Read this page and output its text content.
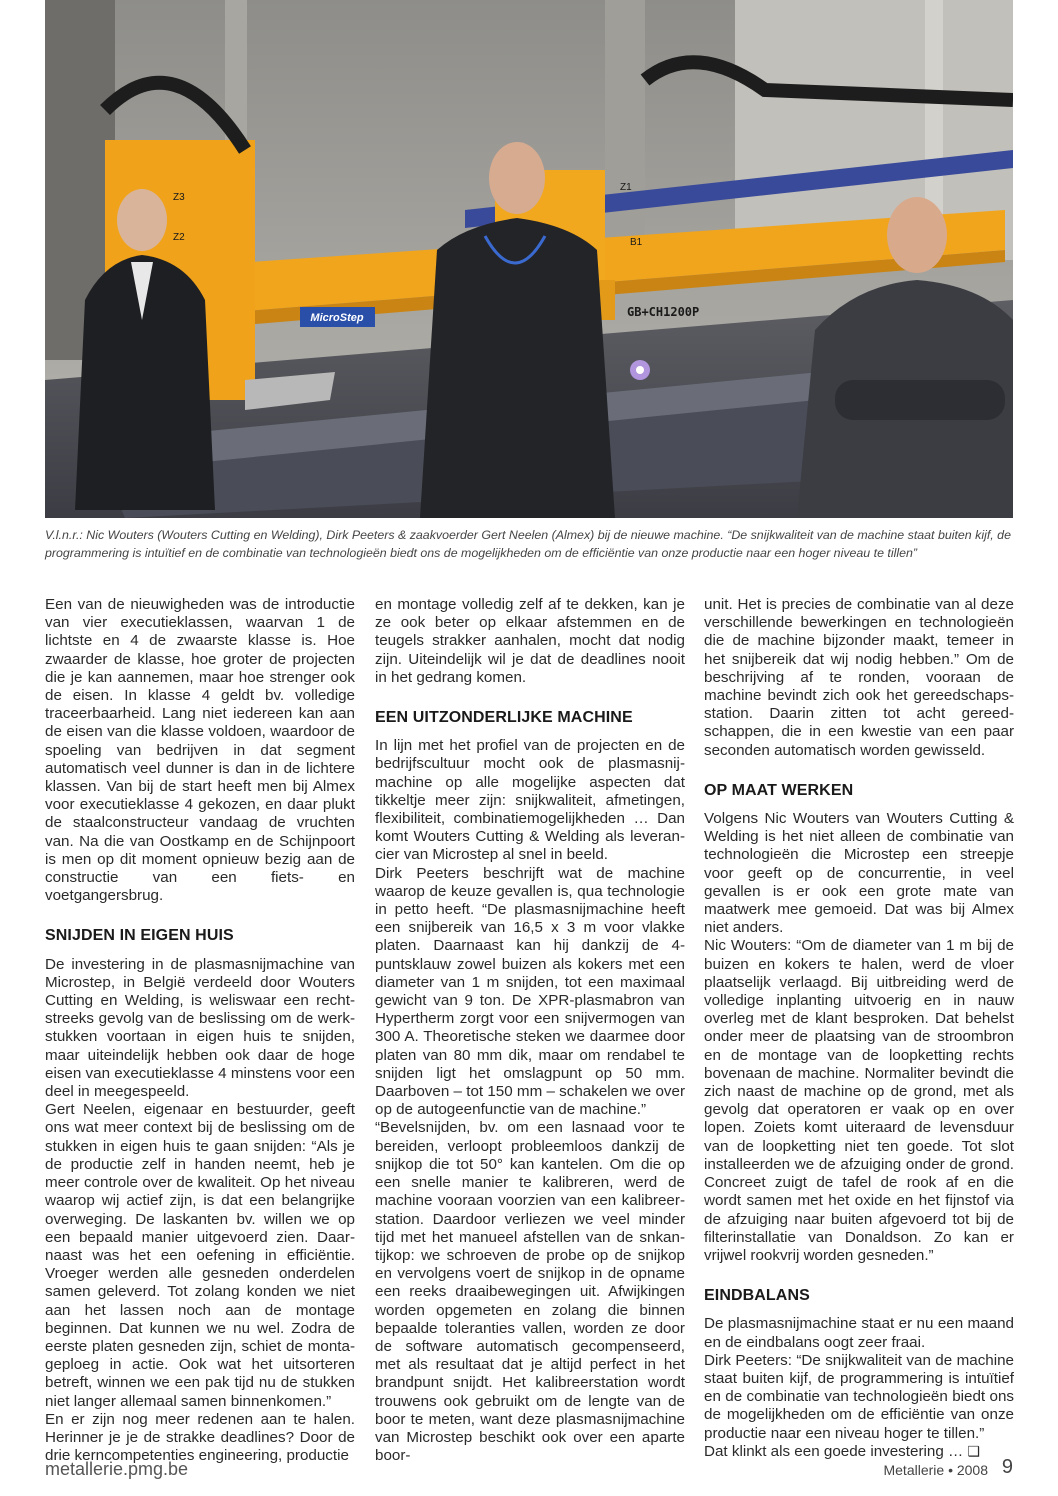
MicroStep	GB+CH1200P
Z3
Z2
Z1
B1
V.l.n.r.: Nic Wouters (Wouters Cutting en Welding), Dirk Peeters & zaakvoerder Gert Neelen (Almex) bij de nieuwe machine. “De snijkwaliteit van de machine staat buiten kijf, de programmering is intuïtief en de combinatie van technologieën biedt ons de mogelijkheden om de efficiëntie van onze productie naar een hoger niveau te tillen”

Een van de nieuwigheden was de introductie van vier executieklassen, waarvan 1 de lichtste en 4 de zwaarste klasse is. Hoe zwaarder de klasse, hoe groter de projecten die je kan aannemen, maar hoe strenger ook de eisen. In klasse 4 geldt bv. volledige traceerbaarheid. Lang niet iedereen kan aan de eisen van die klasse voldoen, waardoor de spoeling van bedrijven in dat segment automatisch veel dunner is dan in de lichtere klassen. Van bij de start heeft men bij Almex voor executieklasse 4 gekozen, en daar plukt de staalconstructeur vandaag de vruchten van. Na die van Oostkamp en de Schijnpoort is men op dit moment opnieuw bezig aan de constructie van een fiets- en voetgangersbrug.

SNIJDEN IN EIGEN HUIS

De investering in de plasmasnijmachine van Microstep, in België verdeeld door Wouters Cutting en Welding, is weliswaar een rechtstreeks gevolg van de beslissing om de werkstukken voortaan in eigen huis te snijden, maar uiteindelijk hebben ook daar de hoge eisen van executieklasse 4 minstens voor een deel in meegespeeld.

Gert Neelen, eigenaar en bestuurder, geeft ons wat meer context bij de beslissing om de stukken in eigen huis te gaan snijden: “Als je de productie zelf in handen neemt, heb je meer controle over de kwaliteit. Op het niveau waarop wij actief zijn, is dat een belangrijke overweging. De laskanten bv. willen we op een bepaald manier uitgevoerd zien. Daarnaast was het een oefening in efficiëntie. Vroeger werden alle gesneden onderdelen samen geleverd. Tot zolang konden we niet aan het lassen noch aan de montage beginnen. Dat kunnen we nu wel. Zodra de eerste platen gesneden zijn, schiet de montageploeg in actie. Ook wat het uitsorteren betreft, winnen we een pak tijd nu de stukken niet langer allemaal samen binnenkomen.”

En er zijn nog meer redenen aan te halen. Herinner je je de strakke deadlines? Door de drie kerncompetenties engineering, productie

en montage volledig zelf af te dekken, kan je ze ook beter op elkaar afstemmen en de teugels strakker aanhalen, mocht dat nodig zijn. Uiteindelijk wil je dat de deadlines nooit in het gedrang komen.

EEN UITZONDERLIJKE MACHINE

In lijn met het profiel van de projecten en de bedrijfscultuur mocht ook de plasmasnijmachine op alle mogelijke aspecten dat tikkeltje meer zijn: snijkwaliteit, afmetingen, flexibiliteit, combinatiemogelijkheden … Dan komt Wouters Cutting & Welding als leverancier van Microstep al snel in beeld.

Dirk Peeters beschrijft wat de machine waarop de keuze gevallen is, qua technologie in petto heeft. “De plasmasnijmachine heeft een snijbereik van 16,5 x 3 m voor vlakke platen. Daarnaast kan hij dankzij de 4-puntsklauw zowel buizen als kokers met een diameter van 1 m snijden, tot een maximaal gewicht van 9 ton. De XPR-plasmabron van Hypertherm zorgt voor een snijvermogen van 300 A. Theoretische steken we daarmee door platen van 80 mm dik, maar om rendabel te snijden ligt het omslagpunt op 50 mm. Daarboven – tot 150 mm – schakelen we over op de autogeenfunctie van de machine.”

“Bevelsnijden, bv. om een lasnaad voor te bereiden, verloopt probleemloos dankzij de snijkop die tot 50° kan kantelen. Om die op een snelle manier te kalibreren, werd de machine vooraan voorzien van een kalibreerstation. Daardoor verliezen we veel minder tijd met het manueel afstellen van de snkantijkop: we schroeven de probe op de snijkop en vervolgens voert de snijkop in de opname een reeks draaibewegingen uit. Afwijkingen worden opgemeten en zolang die binnen bepaalde toleranties vallen, worden ze door de software automatisch gecompenseerd, met als resultaat dat je altijd perfect in het brandpunt snijdt. Het kalibreerstation wordt trouwens ook gebruikt om de lengte van de boor te meten, want deze plasmasnijmachine van Microstep beschikt ook over een aparte boor-

unit. Het is precies de combinatie van al deze verschillende bewerkingen en technologieën die de machine bijzonder maakt, temeer in het snijbereik dat wij nodig hebben.” Om de beschrijving af te ronden, vooraan de machine bevindt zich ook het gereedschapsstation. Daarin zitten tot acht gereedschappen, die in een kwestie van een paar seconden automatisch worden gewisseld.

OP MAAT WERKEN

Volgens Nic Wouters van Wouters Cutting & Welding is het niet alleen de combinatie van technologieën die Microstep een streepje voor geeft op de concurrentie, in veel gevallen is er ook een grote mate van maatwerk mee gemoeid. Dat was bij Almex niet anders.

Nic Wouters: “Om de diameter van 1 m bij de buizen en kokers te halen, werd de vloer plaatselijk verlaagd. Bij uitbreiding werd de volledige inplanting uitvoerig en in nauw overleg met de klant besproken. Dat behelst onder meer de plaatsing van de stroombron en de montage van de loopketting rechts bovenaan de machine. Normaliter bevindt die zich naast de machine op de grond, met als gevolg dat operatoren er vaak op en over lopen. Zoiets komt uiteraard de levensduur van de loopketting niet ten goede. Tot slot installeerden we de afzuiging onder de grond. Concreet zuigt de tafel de rook af en die wordt samen met het oxide en het fijnstof via de afzuiging naar buiten afgevoerd tot bij de filterinstallatie van Donaldson. Zo kan er vrijwel rookvrij worden gesneden.”

EINDBALANS

De plasmasnijmachine staat er nu een maand en de eindbalans oogt zeer fraai.

Dirk Peeters: “De snijkwaliteit van de machine staat buiten kijf, de programmering is intuïtief en de combinatie van technologieën biedt ons de mogelijkheden om de efficiëntie van onze productie naar een niveau hoger te tillen.”

Dat klinkt als een goede investering … ❑

metallerie.pmg.be	Metallerie • 2008 9
